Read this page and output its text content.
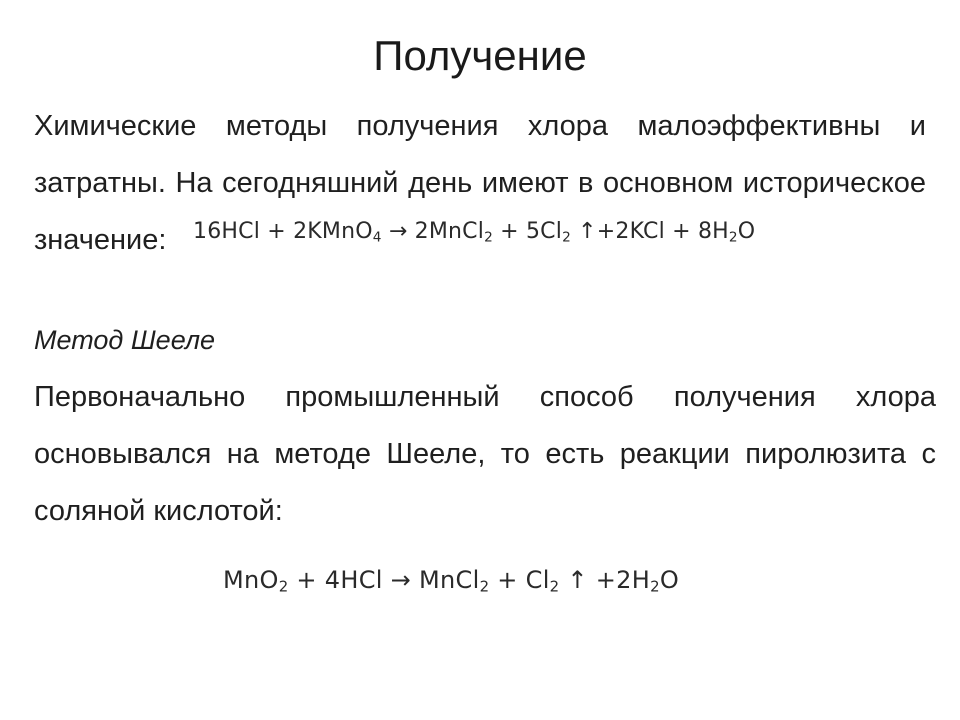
Получение
Химические методы получения хлора малоэффективны и затратны. На сегодняшний день имеют в основном историческое значение:	16HCl + 2KMnO$_4$ → 2MnCl$_2$ + $5Cl_2$ ↑+2KCl + $8H_2O$
Метод Шееле
Первоначально промышленный способ получения хлора основывался на методе Шееле, то есть реакции пиролюзита с соляной кислотой:
MnO$_2$ + 4HCl → MnCl$_2$ + $Cl_2$ ↑ $+2H_2O$
